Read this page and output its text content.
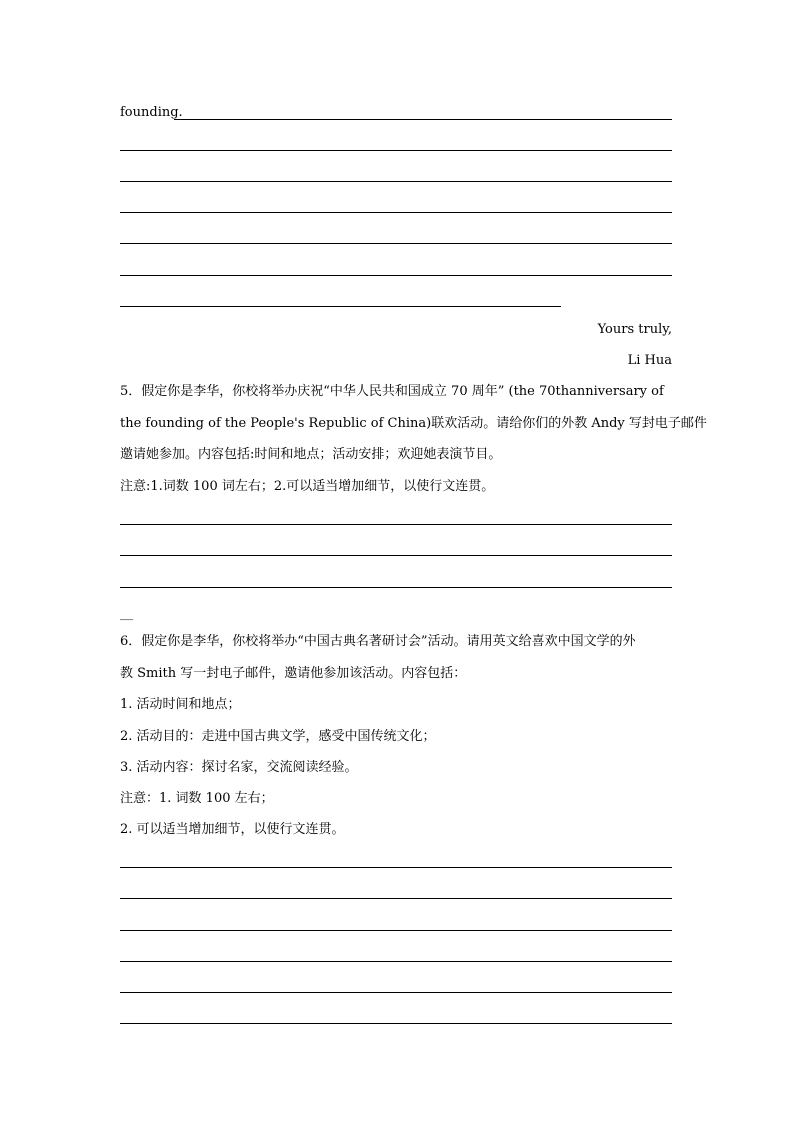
founding.
Yours truly,
Li Hua
5．假定你是李华，你校将举办庆祝“中华人民共和国成立 70 周年” (the 70thanniversary of
the founding of the People's Republic of China)联欢活动。请给你们的外教 Andy 写封电子邮件
邀请她参加。内容包括:时间和地点；活动安排；欢迎她表演节目。
注意:1.词数 100 词左右；2.可以适当增加细节，以使行文连贯。
__
6．假定你是李华，你校将举办“中国古典名著研讨会”活动。请用英文给喜欢中国文学的外
教 Smith 写一封电子邮件，邀请他参加该活动。内容包括：
1. 活动时间和地点；
2. 活动目的：走进中国古典文学，感受中国传统文化；
3. 活动内容：探讨名家，交流阅读经验。
注意：1. 词数 100 左右；
2. 可以适当增加细节，以使行文连贯。
